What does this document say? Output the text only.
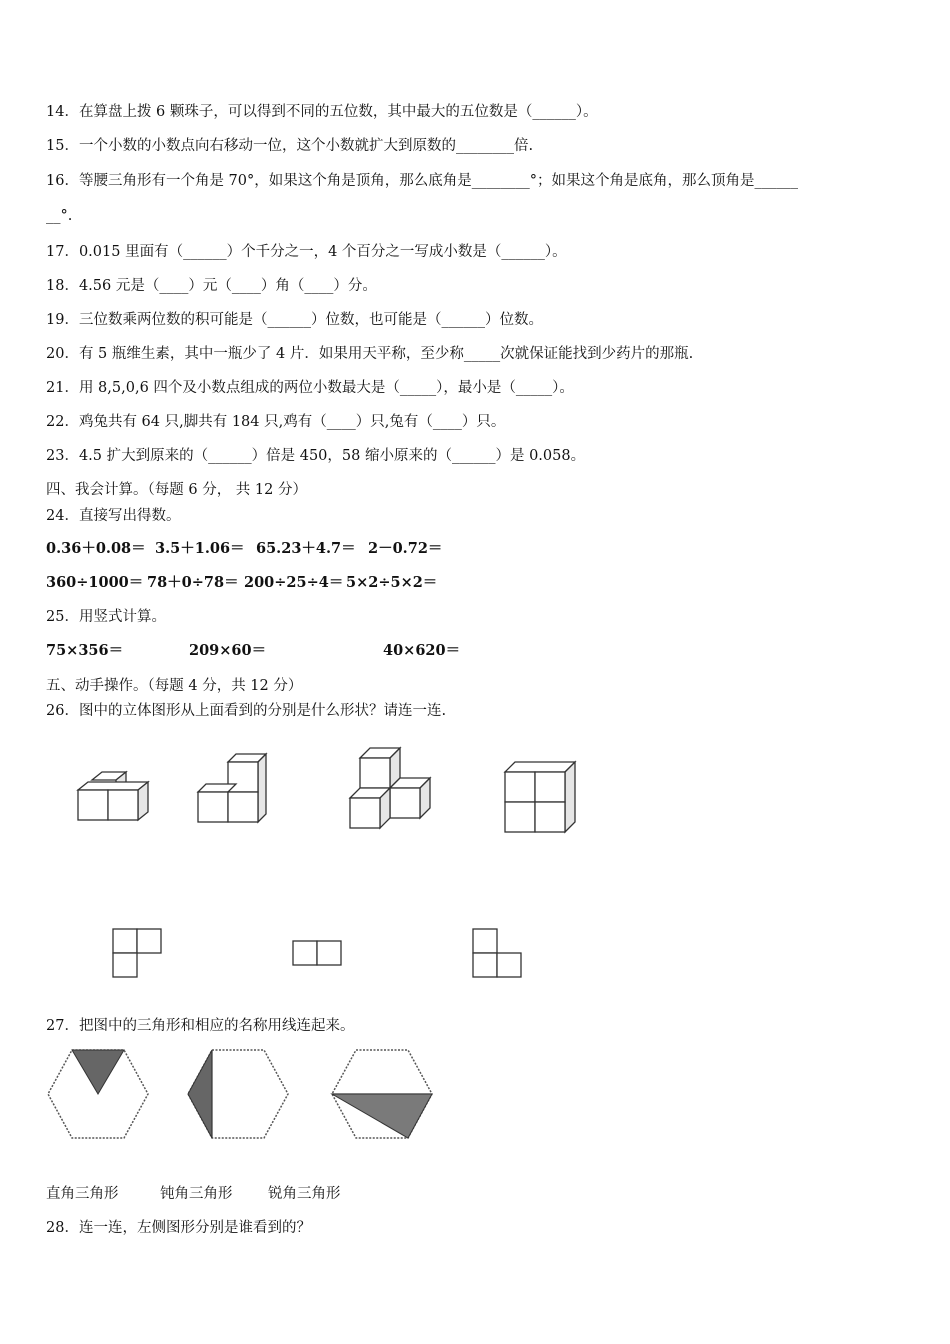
14．在算盘上拨 6 颗珠子，可以得到不同的五位数，其中最大的五位数是（______）。
15．一个小数的小数点向右移动一位，这个小数就扩大到原数的________倍.
16．等腰三角形有一个角是 70°，如果这个角是顶角，那么底角是________°；如果这个角是底角，那么顶角是______
__°.
17．0.015 里面有（______）个千分之一，4 个百分之一写成小数是（______）。
18．4.56 元是（____）元（____）角（____）分。
19．三位数乘两位数的积可能是（______）位数，也可能是（______）位数。
20．有 5 瓶维生素，其中一瓶少了 4 片．如果用天平称，至少称_____次就保证能找到少药片的那瓶.
21．用 8,5,0,6 四个及小数点组成的两位小数最大是（_____），最小是（_____）。
22．鸡兔共有 64 只,脚共有 184 只,鸡有（____）只,兔有（____）只。
23．4.5 扩大到原来的（______）倍是 450，58 缩小原来的（______）是 0.058。
四、我会计算。（每题 6 分， 共 12 分）
24．直接写出得数。
0.36＋0.08＝ 3.5＋1.06＝ 65.23＋4.7＝ 2－0.72＝
360÷1000＝ 78＋0÷78＝ 200÷25÷4＝ 5×2÷5×2＝
25．用竖式计算。
75×356＝	209×60＝	40×620＝
五、动手操作。（每题 4 分，共 12 分）
26．图中的立体图形从上面看到的分别是什么形状？请连一连.
27．把图中的三角形和相应的名称用线连起来。
直角三角形	钝角三角形 锐角三角形
28．连一连，左侧图形分别是谁看到的？
